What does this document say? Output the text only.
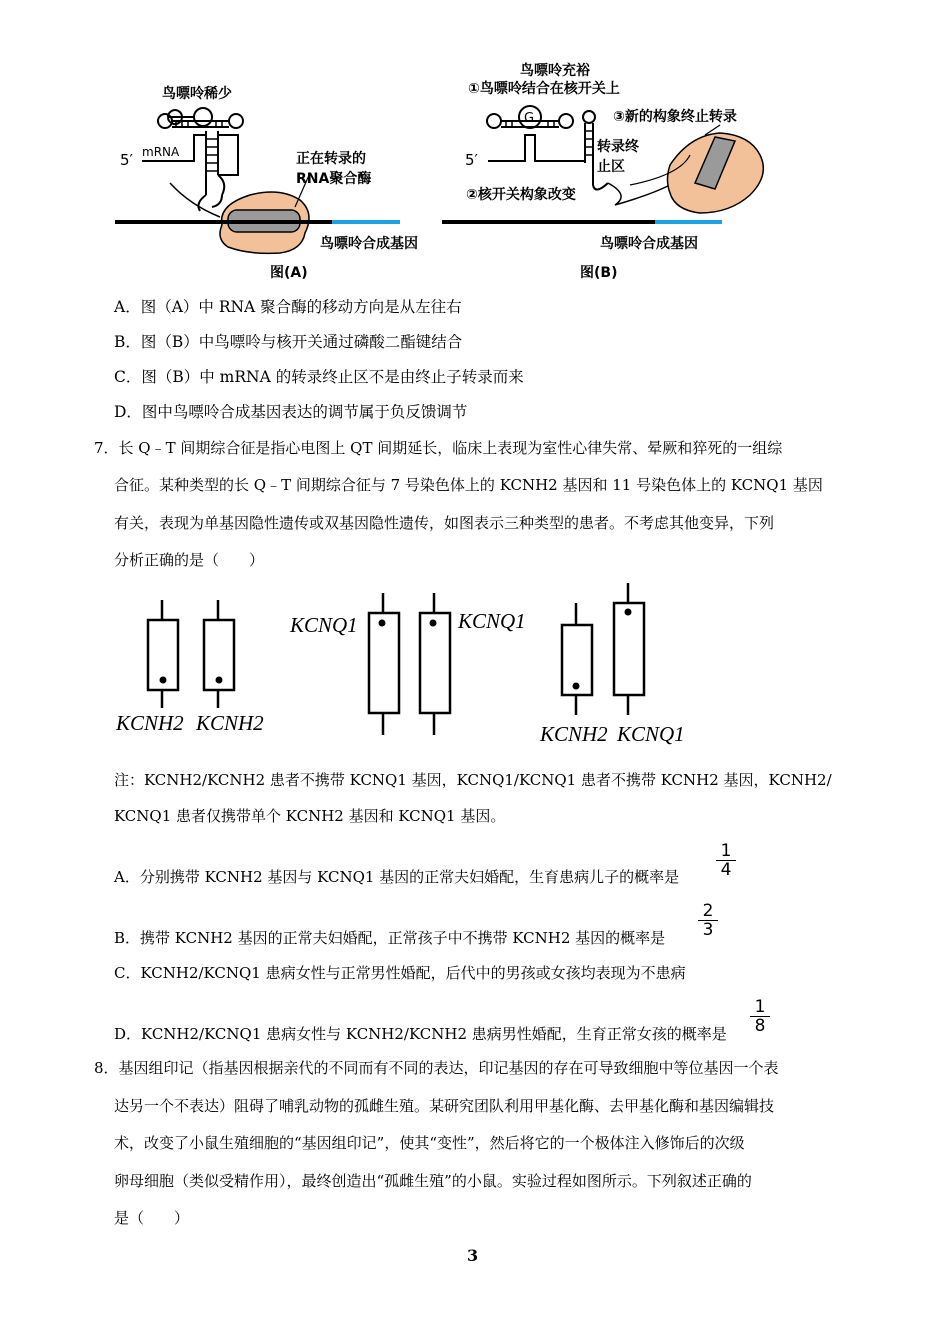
鸟嘌呤稀少
5′ mRNA	正在转录的
RNA聚合酶
鸟嘌呤合成基因
图(A)
鸟嘌呤充裕
①鸟嘌呤结合在核开关上
③新的构象终止转录
G
5′
转录终
止区
②核开关构象改变
鸟嘌呤合成基因
图(B)
A．图（A）中 RNA 聚合酶的移动方向是从左往右
B．图（B）中鸟嘌呤与核开关通过磷酸二酯键结合
C．图（B）中 mRNA 的转录终止区不是由终止子转录而来
D．图中鸟嘌呤合成基因表达的调节属于负反馈调节
7．长 Q﹣T 间期综合征是指心电图上 QT 间期延长，临床上表现为室性心律失常、晕厥和猝死的一组综
合征。某种类型的长 Q﹣T 间期综合征与 7 号染色体上的 KCNH2 基因和 11 号染色体上的 KCNQ1 基因
有关，表现为单基因隐性遗传或双基因隐性遗传，如图表示三种类型的患者。不考虑其他变异，下列
分析正确的是（　　）
KCNH2 KCNH2
KCNQ1	KCNQ1
KCNH2 KCNQ1
注：KCNH2/KCNH2 患者不携带 KCNQ1 基因，KCNQ1/KCNQ1 患者不携带 KCNH2 基因，KCNH2/
KCNQ1 患者仅携带单个 KCNH2 基因和 KCNQ1 基因。
A．分别携带 KCNH2 基因与 KCNQ1 基因的正常夫妇婚配，生育患病儿子的概率是 $\frac{1}{4}$
B．携带 KCNH2 基因的正常夫妇婚配，正常孩子中不携带 KCNH2 基因的概率是 $\frac{2}{3}$
C．KCNH2/KCNQ1 患病女性与正常男性婚配，后代中的男孩或女孩均表现为不患病
D．KCNH2/KCNQ1 患病女性与 KCNH2/KCNH2 患病男性婚配，生育正常女孩的概率是 $\frac{1}{8}$
8．基因组印记（指基因根据亲代的不同而有不同的表达，印记基因的存在可导致细胞中等位基因一个表
达另一个不表达）阻碍了哺乳动物的孤雌生殖。某研究团队利用甲基化酶、去甲基化酶和基因编辑技
术，改变了小鼠生殖细胞的“基因组印记”，使其“变性”，然后将它的一个极体注入修饰后的次级
卵母细胞（类似受精作用），最终创造出“孤雌生殖”的小鼠。实验过程如图所示。下列叙述正确的
是（　　）
3
